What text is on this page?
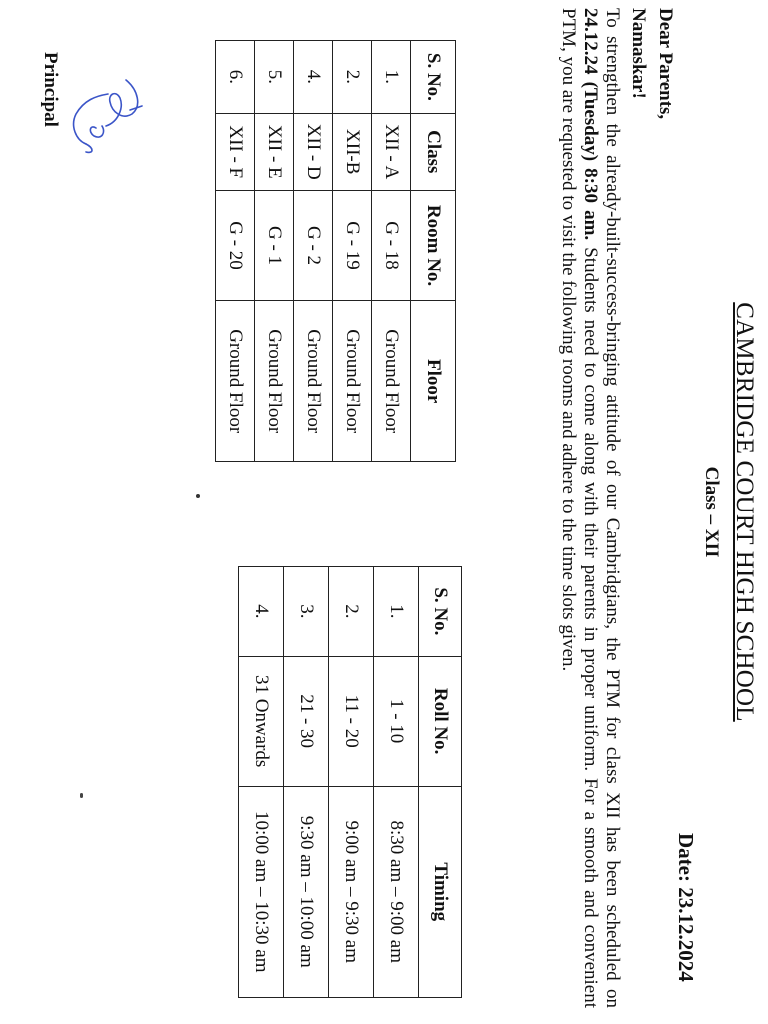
CAMBRIDGE COURT HIGH SCHOOL
Class – XII
Date: 23.12.2024
Dear Parents,
Namaskar!
To strengthen the already-built-success-bringing attitude of our Cambridgians, the PTM for class XII has been scheduled on 24.12.24 (Tuesday) 8:30 am. Students need to come along with their parents in proper uniform. For a smooth and convenient PTM, you are requested to visit the following rooms and adhere to the time slots given.
S. No.	Class	Room No.	Floor
1.	XII - A	G - 18	Ground Floor
2.	XII-B	G - 19	Ground Floor
4.	XII - D	G - 2	Ground Floor
5.	XII - E	G - 1	Ground Floor
6.	XII - F	G - 20	Ground Floor
S. No.	Roll No.	Timing
1.	1 - 10	8:30 am – 9:00 am
2.	11 - 20	9:00 am – 9:30 am
3.	21 - 30	9:30 am – 10:00 am
4.	31 Onwards	10:00 am – 10:30 am
Principal
